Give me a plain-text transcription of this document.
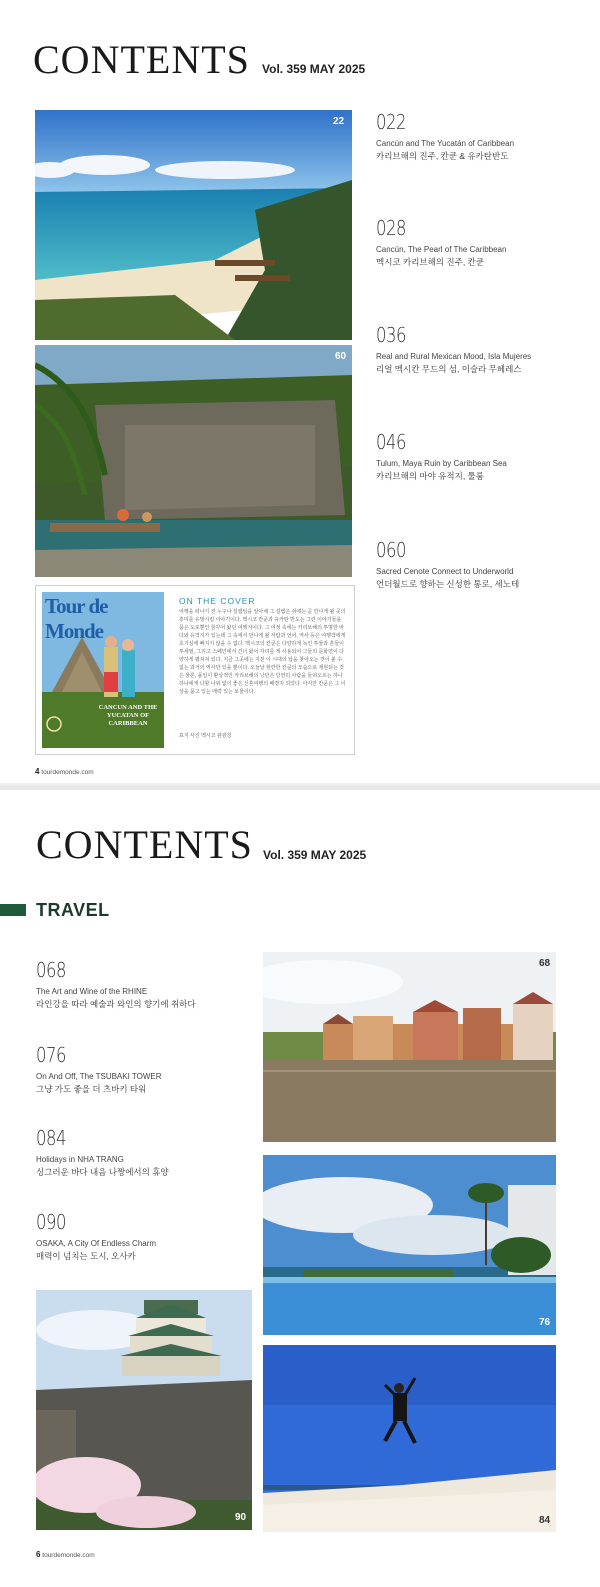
CONTENTS Vol. 359 MAY 2025
22
60
022
Cancún and The Yucatán of Caribbean
카리브해의 진주, 칸쿤 & 유카탄반도
028
Cancún, The Pearl of The Caribbean
멕시코 카리브해의 진주, 칸쿤
036
Real and Rural Mexican Mood, Isla Mujeres
리얼 멕시칸 무드의 섬, 이슬라 무헤레스
046
Tulum, Maya Ruin by Caribbean Sea
카리브해의 마야 유적지, 툴룸
060
Sacred Cenote Connect to Underworld
언더월드로 향하는 신성한 통로, 세노테
Tour de Monde
CANCUN AND THE YUCATAN OF CARIBBEAN
ON THE COVER
여행을 떠나기 전 누구나 설렘임을 알아채 그 설렘은 쉬에는 곧 만나게 될 곳의 흥미를 유발시킬 이야기이다. 멕시코 칸쿤과 유카탄 반도는 그런 이야기들을 품은 도로뿐인 꿈꾸어 왔던 여행지이다. 그 여정 속에는 카리브해의 투명한 바다와 유적지가 있는데 그 속에서 만나게 될 사람과 언어, 역사 등은 여행객에게 호기심에 빠지지 않을 수 없다. 멕시코의 칸쿤은 다양하게 녹인 투물과 흔들이 투세필, 그리고 스페인에서 건너 왔어 자리를 게 사용되어 그들의 문화면이 다양하게 펼쳐져 있다. 지금 그곳에는 지친 이 시대의 답을 찾아오는 것이 볼 수 없는 과거의 역사만 있을 뿐이다. 오늘날 현란한 칸쿤의 모습으로 재현되는 것은 물론, 몰일이 환상적인 카리브해의 낭만은 당연히 사람을 들떠오르는 하나하나에게 다할 나위 없이 좋은 신혼여행의 배경지 되었다. 아지만 칸쿤은 그 이상을 품고 있는 매력 있는 보물이다.
표지 사진 멕시코 관광청
4 tourdemonde.com
CONTENTS Vol. 359 MAY 2025
TRAVEL
068
The Art and Wine of the RHINE
라인강을 따라 예술과 와인의 향기에 취하다
076
On And Off, The TSUBAKI TOWER
그냥 가도 좋을 더 츠바키 타워
084
Holidays in NHA TRANG
싱그러운 바다 내음 나짱에서의 휴양
090
OSAKA, A City Of Endless Charm
매력이 넘치는 도시, 오사카
68
76
90	84
6 tourdemonde.com
